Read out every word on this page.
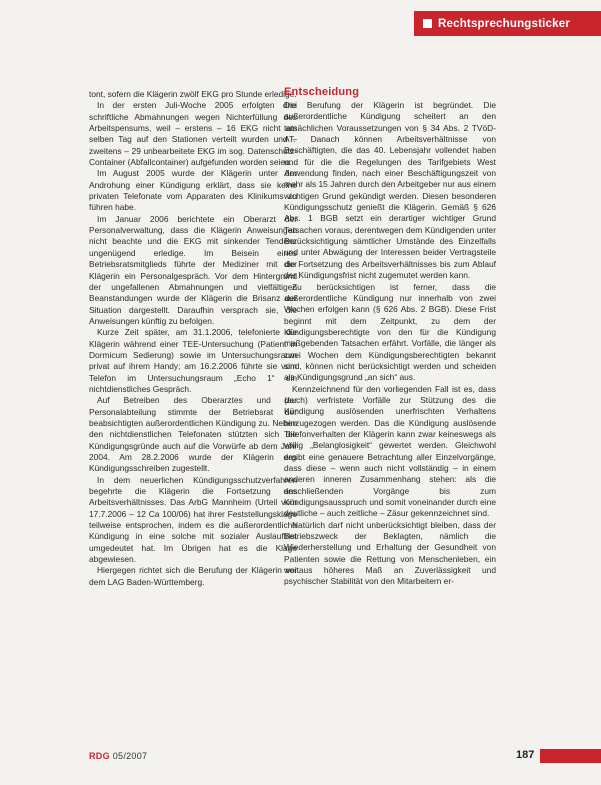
Rechtsprechungsticker

tont, sofern die Klägerin zwölf EKG pro Stunde erledige.

In der ersten Juli-Woche 2005 erfolgten drei schriftliche Abmahnungen wegen Nichterfüllung des Arbeitspensums, weil – erstens – 16 EKG nicht am selben Tag auf den Stationen verteilt wurden und – zweitens – 29 unbearbeitete EKG im sog. Datenschutz-Container (Abfallcontainer) aufgefunden worden seien.

Im August 2005 wurde der Klägerin unter der Androhung einer Kündigung erklärt, dass sie keine privaten Telefonate vom Apparaten des Klinikums zu führen habe.

Im Januar 2006 berichtete ein Oberarzt der Personalverwaltung, dass die Klägerin Anweisungen nicht beachte und die EKG mit sinkender Tendenz ungenügend erledige. Im Beisein eines Betriebsratsmitglieds führte der Mediziner mit der Klägerin ein Personalgespräch. Vor dem Hintergrund der ungefallenen Abmahnungen und vielfältigen Beanstandungen wurde der Klägerin die Brisanz der Situation dargestellt. Daraufhin versprach sie, die Anweisungen künftig zu befolgen.

Kurze Zeit später, am 31.1.2006, telefonierte die Klägerin während einer TEE-Untersuchung (Patient in Dormicum Sedierung) sowie im Untersuchungsraum privat auf ihrem Handy; am 16.2.2006 führte sie vom Telefon im Untersuchungsraum „Echo 1“ ein nichtdienstliches Gespräch.

Auf Betreiben des Oberarztes und der Personalabteilung stimmte der Betriebsrat der beabsichtigten außerordentlichen Kündigung zu. Neben den nichtdienstlichen Telefonaten stützten sich die Kündigungsgründe auch auf die Vorwürfe ab dem Jahr 2004. Am 28.2.2006 wurde der Klägerin das Kündigungsschreiben zugestellt.

In dem neuerlichen Kündigungsschutzverfahren begehrte die Klägerin die Fortsetzung des Arbeitsverhältnisses. Das ArbG Mannheim (Urteil vom 17.7.2006 – 12 Ca 100/06) hat ihrer Feststellungsklage teilweise entsprochen, indem es die außerordentliche Kündigung in eine solche mit sozialer Auslauffrist umgedeutet hat. Im Übrigen hat es die Klage abgewiesen.

Hiergegen richtet sich die Berufung der Klägerin vor dem LAG Baden-Württemberg.

Entscheidung

Die Berufung der Klägerin ist begründet. Die außerordentliche Kündigung scheitert an den tatsächlichen Voraussetzungen von § 34 Abs. 2 TVöD-AT. Danach können Arbeitsverhältnisse von Beschäftigten, die das 40. Lebensjahr vollendet haben und für die die Regelungen des Tarifgebiets West Anwendung finden, nach einer Beschäftigungszeit von mehr als 15 Jahren durch den Arbeitgeber nur aus einem wichtigen Grund gekündigt werden. Diesen besonderen Kündigungsschutz genießt die Klägerin. Gemäß § 626 Abs. 1 BGB setzt ein derartiger wichtiger Grund Tatsachen voraus, derentwegen dem Kündigenden unter Berücksichtigung sämtlicher Umstände des Einzelfalls und unter Abwägung der Interessen beider Vertragsteile die Fortsetzung des Arbeitsverhältnisses bis zum Ablauf der Kündigungsfrist nicht zugemutet werden kann.

Zu berücksichtigen ist ferner, dass die außerordentliche Kündigung nur innerhalb von zwei Wochen erfolgen kann (§ 626 Abs. 2 BGB). Diese Frist beginnt mit dem Zeitpunkt, zu dem der Kündigungsberechtigte von den für die Kündigung maßgebenden Tatsachen erfährt. Vorfälle, die länger als zwei Wochen dem Kündigungsberechtigten bekannt sind, können nicht berücksichtigt werden und scheiden als Kündigungsgrund „an sich“ aus.

Kennzeichnend für den vorliegenden Fall ist es, dass (auch) verfristete Vorfälle zur Stützung des die Kündigung auslösenden unerfrischten Verhaltens hinzugezogen werden. Das die Kündigung auslösende Telefonverhalten der Klägerin kann zwar keineswegs als völlig „Belanglosigkeit“ gewertet werden. Gleichwohl ergibt eine genauere Betrachtung aller Einzelvorgänge, dass diese – wenn auch nicht vollständig – in einem anderen inneren Zusammenhang stehen: als die anschließenden Vorgänge bis zum Kündigungsausspruch und somit voneinander durch eine deutliche – auch zeitliche – Zäsur gekennzeichnet sind.

Natürlich darf nicht unberücksichtigt bleiben, dass der Betriebszweck der Beklagten, nämlich die Wiederherstellung und Erhaltung der Gesundheit von Patienten sowie die Rettung von Menschenleben, ein weitaus höheres Maß an Zuverlässigkeit und psychischer Stabilität von den Mitarbeitern er-

RDG 05/2007	187
